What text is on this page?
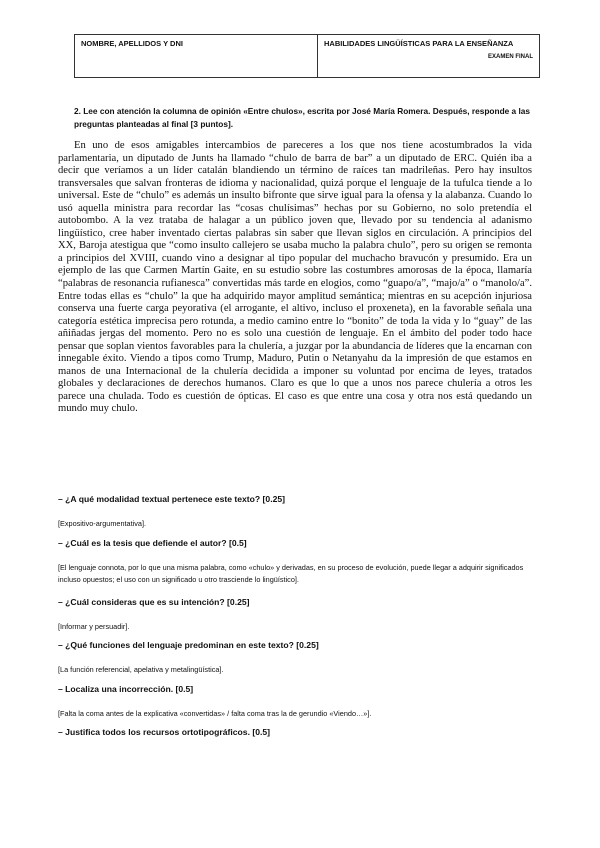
NOMBRE, APELLIDOS Y DNI	HABILIDADES LINGÜÍSTICAS PARA LA ENSEÑANZA
EXAMEN FINAL
2. Lee con atención la columna de opinión «Entre chulos», escrita por José María Romera. Después, responde a las preguntas planteadas al final [3 puntos].

En uno de esos amigables intercambios de pareceres a los que nos tiene acostumbrados la vida parlamentaria, un diputado de Junts ha llamado “chulo de barra de bar” a un diputado de ERC. Quién iba a decir que veríamos a un líder catalán blandiendo un término de raíces tan madrileñas. Pero hay insultos transversales que salvan fronteras de idioma y nacionalidad, quizá porque el lenguaje de la tufulca tiende a lo universal. Este de “chulo” es además un insulto bifronte que sirve igual para la ofensa y la alabanza. Cuando lo usó aquella ministra para recordar las “cosas chulísimas” hechas por su Gobierno, no solo pretendía el autobombo. A la vez trataba de halagar a un público joven que, llevado por su tendencia al adanismo lingüístico, cree haber inventado ciertas palabras sin saber que llevan siglos en circulación. A principios del XX, Baroja atestigua que “como insulto callejero se usaba mucho la palabra chulo”, pero su origen se remonta a principios del XVIII, cuando vino a designar al tipo popular del muchacho bravucón y presumido. Era un ejemplo de las que Carmen Martín Gaite, en su estudio sobre las costumbres amorosas de la época, llamaría “palabras de resonancia rufianesca” convertidas más tarde en elogios, como “guapo/a”, “majo/a” o “manolo/a”. Entre todas ellas es “chulo” la que ha adquirido mayor amplitud semántica; mientras en su acepción injuriosa conserva una fuerte carga peyorativa (el arrogante, el altivo, incluso el proxeneta), en la favorable señala una categoría estética imprecisa pero rotunda, a medio camino entre lo “bonito” de toda la vida y lo “guay” de las añiñadas jergas del momento. Pero no es solo una cuestión de lenguaje. En el ámbito del poder todo hace pensar que soplan vientos favorables para la chulería, a juzgar por la abundancia de líderes que la encarnan con innegable éxito. Viendo a tipos como Trump, Maduro, Putin o Netanyahu da la impresión de que estamos en manos de una Internacional de la chulería decidida a imponer su voluntad por encima de leyes, tratados globales y declaraciones de derechos humanos. Claro es que lo que a unos nos parece chulería a otros les parece una chulada. Todo es cuestión de ópticas. El caso es que entre una cosa y otra nos está quedando un mundo muy chulo.

– ¿A qué modalidad textual pertenece este texto? [0.25]
[Expositivo-argumentativa].
– ¿Cuál es la tesis que defiende el autor? [0.5]
[El lenguaje connota, por lo que una misma palabra, como «chulo» y derivadas, en su proceso de evolución, puede llegar a adquirir significados incluso opuestos; el uso con un significado u otro trasciende lo lingüístico].
– ¿Cuál consideras que es su intención? [0.25]
[Informar y persuadir].
– ¿Qué funciones del lenguaje predominan en este texto? [0.25]
[La función referencial, apelativa y metalingüística].
– Localiza una incorrección. [0.5]
[Falta la coma antes de la explicativa «convertidas» / falta coma tras la de gerundio «Viendo…»].
– Justifica todos los recursos ortotipográficos. [0.5]
